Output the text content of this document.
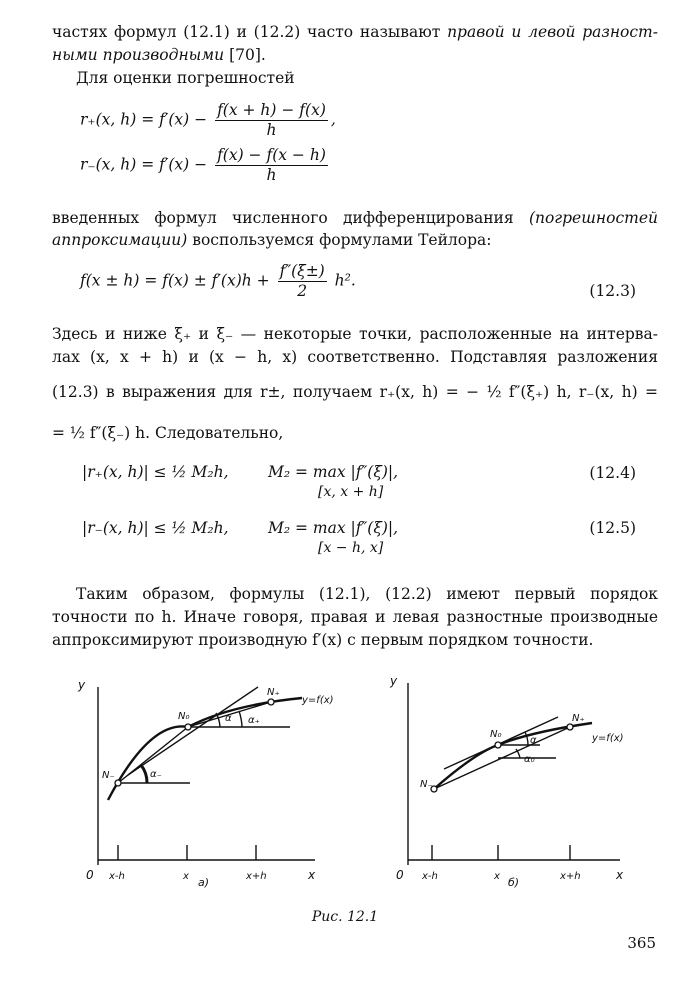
частях формул (12.1) и (12.2) часто называют правой и левой разност-
ными производными [70].
Для оценки погрешностей
r₊(x, $h) = f'(x) - \frac{f(x + h) - f(x)}{h}$ ,
r₋(x, $h) = f'(x) - \frac{f(x) - f(x - h)}{h}$
введенных формул численного дифференцирования (погрешностей
аппроксимации) воспользуемся формулами Тейлора:
$f(x \pm h) = f(x) \pm f'(x)h + \frac{f''(\xi\pm)}{2} h^2$.
(12.3)
Здесь и ниже ξ₊ и ξ₋ — некоторые точки, расположенные на интерва-
лах (x, x + h) и (x − h, x) соответственно. Подставляя разложения
(12.3) в выражения для r±, получаем r₊(x, h) = − ½ f″(ξ₊) h, r₋(x, h) =
= ½ f″(ξ₋) h. Следовательно,
|r₊(x, h)| ≤ ½ M₂h,	M₂ = max |f″(ξ)|,
[x, x + h]
(12.4)
|r₋(x, h)| ≤ ½ M₂h,	M₂ = max |f″(ξ)|,
[x − h, x]
(12.5)
Таким образом, формулы (12.1), (12.2) имеют первый порядок
точности по h. Иначе говоря, правая и левая разностные производные
аппроксимируют производную f′(x) с первым порядком точности.
y
x
0 x-h	x	x+h
N₋
N₀
N₊
y=f(x)
α α₊
α₋
а)
y
x
0 x-h	x	x+h
N₋
N₀
N₊
y=f(x)
α
α₀
б)
Рис. 12.1
365
